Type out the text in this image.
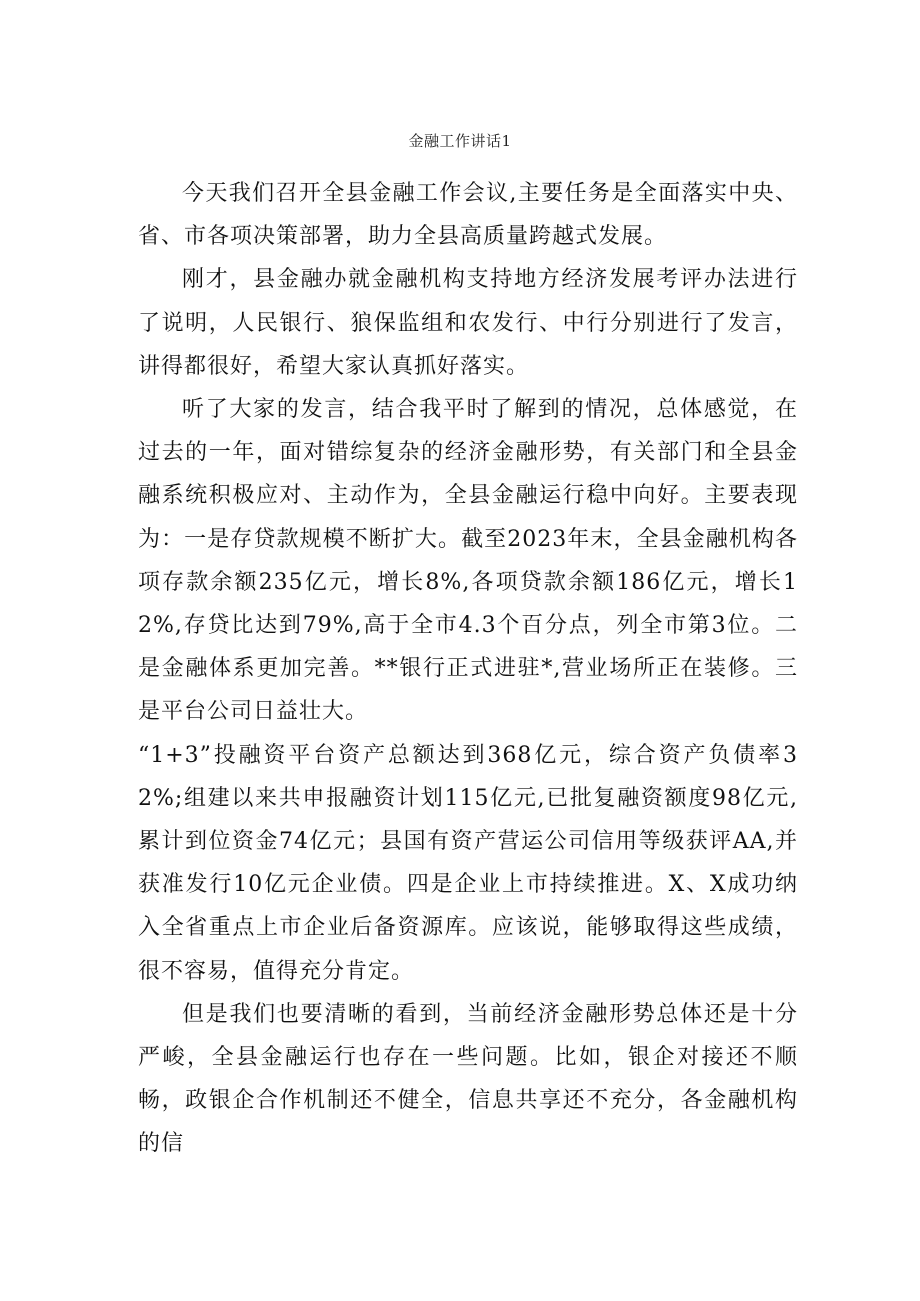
金融工作讲话1

今天我们召开全县金融工作会议,主要任务是全面落实中央、省、市各项决策部署，助力全县高质量跨越式发展。

刚才，县金融办就金融机构支持地方经济发展考评办法进行了说明，人民银行、狼保监组和农发行、中行分别进行了发言，讲得都很好，希望大家认真抓好落实。

听了大家的发言，结合我平时了解到的情况，总体感觉，在过去的一年，面对错综复杂的经济金融形势，有关部门和全县金融系统积极应对、主动作为，全县金融运行稳中向好。主要表现为：一是存贷款规模不断扩大。截至2023年末，全县金融机构各项存款余额235亿元，增长8%,各项贷款余额186亿元，增长12%,存贷比达到79%,高于全市4.3个百分点，列全市第3位。二是金融体系更加完善。**银行正式进驻*,营业场所正在装修。三是平台公司日益壮大。

“1+3”投融资平台资产总额达到368亿元，综合资产负债率32%;组建以来共申报融资计划115亿元,已批复融资额度98亿元,累计到位资金74亿元；县国有资产营运公司信用等级获评AA,并获准发行10亿元企业债。四是企业上市持续推进。X、X成功纳入全省重点上市企业后备资源库。应该说，能够取得这些成绩，很不容易，值得充分肯定。

但是我们也要清晰的看到，当前经济金融形势总体还是十分严峻，全县金融运行也存在一些问题。比如，银企对接还不顺畅，政银企合作机制还不健全，信息共享还不充分，各金融机构的信
